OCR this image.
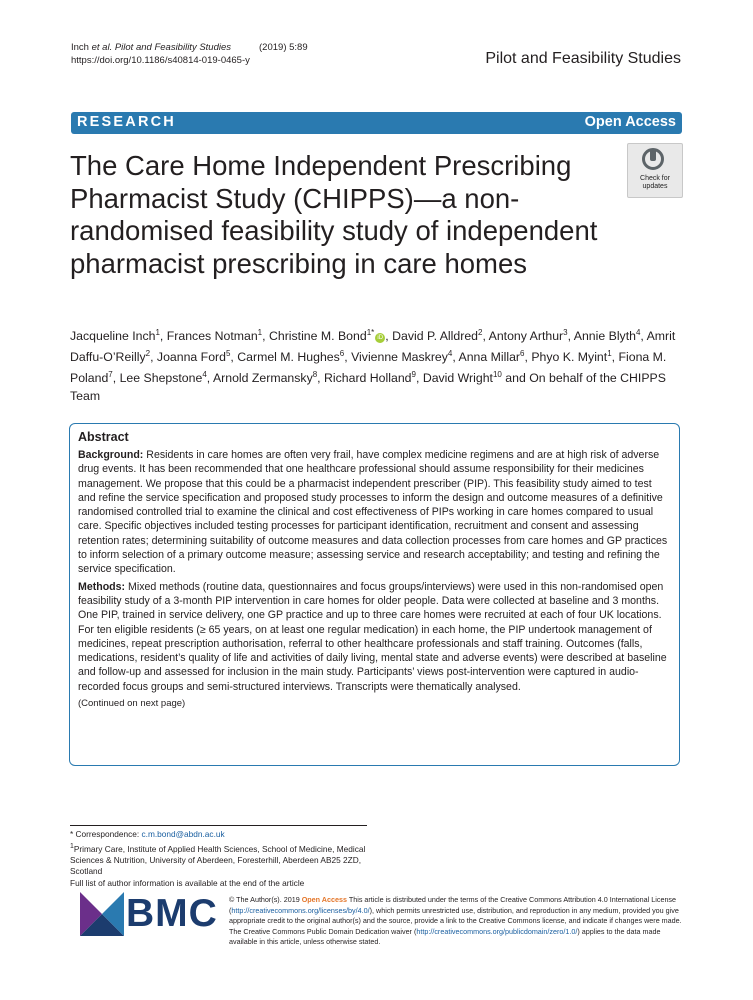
Inch et al. Pilot and Feasibility Studies	(2019) 5:89
https://doi.org/10.1186/s40814-019-0465-y	Pilot and Feasibility Studies
RESEARCH	Open Access
The Care Home Independent Prescribing Pharmacist Study (CHIPPS)—a non-randomised feasibility study of independent pharmacist prescribing in care homes
Check for
updates
Jacqueline Inch$^1$, Frances Notman$^1$, Christine M. Bond$^{1*}$iD , David P. Alldred$^2$, Antony Arthur$^3$, Annie Blyth$^4$, Amrit Daffu-O’Reilly$^2$, Joanna Ford$^5$, Carmel M. Hughes$^6$, Vivienne Maskrey$^4$, Anna Millar$^6$, Phyo K. Myint$^1$, Fiona M. Poland$^7$, Lee Shepstone$^4$, Arnold Zermansky$^8$, Richard Holland$^9$, David Wright$^{10}$ and On behalf of the CHIPPS Team
Abstract

Background: Residents in care homes are often very frail, have complex medicine regimens and are at high risk of adverse drug events. It has been recommended that one healthcare professional should assume responsibility for their medicines management. We propose that this could be a pharmacist independent prescriber (PIP). This feasibility study aimed to test and refine the service specification and proposed study processes to inform the design and outcome measures of a definitive randomised controlled trial to examine the clinical and cost effectiveness of PIPs working in care homes compared to usual care. Specific objectives included testing processes for participant identification, recruitment and consent and assessing retention rates; determining suitability of outcome measures and data collection processes from care homes and GP practices to inform selection of a primary outcome measure; assessing service and research acceptability; and testing and refining the service specification.

Methods: Mixed methods (routine data, questionnaires and focus groups/interviews) were used in this non-randomised open feasibility study of a 3-month PIP intervention in care homes for older people. Data were collected at baseline and 3 months. One PIP, trained in service delivery, one GP practice and up to three care homes were recruited at each of four UK locations. For ten eligible residents (≥ 65 years, on at least one regular medication) in each home, the PIP undertook management of medicines, repeat prescription authorisation, referral to other healthcare professionals and staff training. Outcomes (falls, medications, resident’s quality of life and activities of daily living, mental state and adverse events) were described at baseline and follow-up and assessed for inclusion in the main study. Participants’ views post-intervention were captured in audio-recorded focus groups and semi-structured interviews. Transcripts were thematically analysed.

(Continued on next page)

* Correspondence: c.m.bond@abdn.ac.uk
$^1$Primary Care, Institute of Applied Health Sciences, School of Medicine, Medical Sciences & Nutrition, University of Aberdeen, Foresterhill, Aberdeen AB25 2ZD, Scotland
Full list of author information is available at the end of the article
BMC © The Author(s). 2019 Open Access This article is distributed under the terms of the Creative Commons Attribution 4.0 International License (http://creativecommons.org/licenses/by/4.0/), which permits unrestricted use, distribution, and reproduction in any medium, provided you give appropriate credit to the original author(s) and the source, provide a link to the Creative Commons license, and indicate if changes were made. The Creative Commons Public Domain Dedication waiver (http://creativecommons.org/publicdomain/zero/1.0/) applies to the data made available in this article, unless otherwise stated.
